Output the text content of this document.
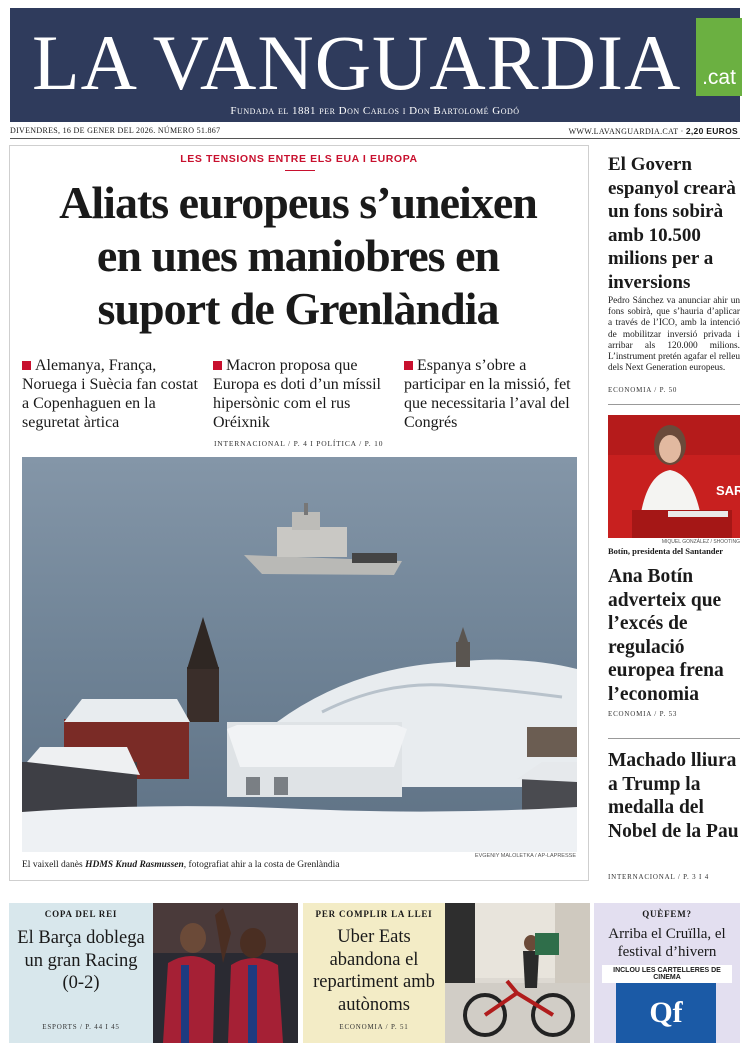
LA VANGUARDIA .cat
Fundada el 1881 per Don Carlos i Don Bartolomé Godó
DIVENDRES, 16 DE GENER DEL 2026. NÚMERO 51.867	WWW.LAVANGUARDIA.CAT · 2,20 EUROS
LES TENSIONS ENTRE ELS EUA I EUROPA
Aliats europeus s’uneixen
en unes maniobres en
suport de Grenlàndia
Alemanya, França, Noruega i Suècia fan costat a Copenhaguen en la seguretat àrtica
Macron proposa que Europa es doti d’un míssil hipersònic com el rus Oréixnik
Espanya s’obre a participar en la missió, fet que necessitaria l’aval del Congrés
INTERNACIONAL / P. 4 I POLÍTICA / P. 10
EVGENIY MALOLETKA / AP-LAPRESSE
El vaixell danès HDMS Knud Rasmussen, fotografiat ahir a la costa de Grenlàndia
El Govern espanyol crearà un fons sobirà amb 10.500 milions per a inversions
Pedro Sánchez va anunciar ahir un fons sobirà, que s’hauria d’aplicar a través de l’ICO, amb la intenció de mobilitzar inversió privada i arribar als 120.000 milions. L’instrument pretén agafar el relleu dels Next Generation europeus.
ECONOMIA / P. 50
SAR
MIQUEL GONZÁLEZ / SHOOTING
Botín, presidenta del Santander
Ana Botín adverteix que l’excés de regulació europea frena l’economia
ECONOMIA / P. 53
Machado lliura a Trump la medalla del Nobel de la Pau
INTERNACIONAL / P. 3 I 4
COPA DEL REI
El Barça doblega un gran Racing (0-2)
ESPORTS / P. 44 I 45
PER COMPLIR LA LLEI
Uber Eats abandona el repartiment amb autònoms
ECONOMIA / P. 51
QUÈFEM?
Arriba el Cruïlla, el festival d’hivern
INCLOU LES CARTELLERES DE CINEMA
Qf
